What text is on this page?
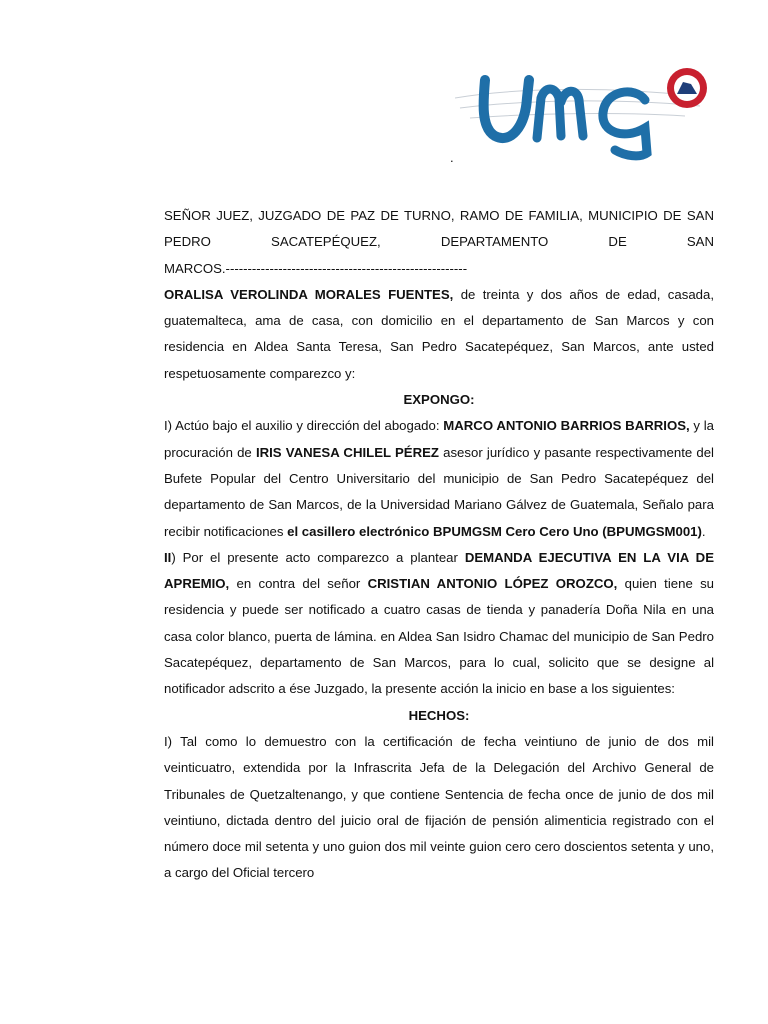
.

SEÑOR JUEZ, JUZGADO DE PAZ DE TURNO, RAMO DE FAMILIA, MUNICIPIO DE SAN

PEDRO SACATEPÉQUEZ, DEPARTAMENTO DE SAN

MARCOS.-------------------------------------------------------

ORALISA VEROLINDA MORALES FUENTES, de treinta y dos años de edad, casada, guatemalteca, ama de casa, con domicilio en el departamento de San Marcos y con residencia en Aldea Santa Teresa, San Pedro Sacatepéquez, San Marcos, ante usted respetuosamente comparezco y:

EXPONGO:

I) Actúo bajo el auxilio y dirección del abogado: MARCO ANTONIO BARRIOS BARRIOS, y la procuración de IRIS VANESA CHILEL PÉREZ asesor jurídico y pasante respectivamente del Bufete Popular del Centro Universitario del municipio de San Pedro Sacatepéquez del departamento de San Marcos, de la Universidad Mariano Gálvez de Guatemala, Señalo para recibir notificaciones el casillero electrónico BPUMGSM Cero Cero Uno (BPUMGSM001).

II) Por el presente acto comparezco a plantear DEMANDA EJECUTIVA EN LA VIA DE APREMIO, en contra del señor CRISTIAN ANTONIO LÓPEZ OROZCO, quien tiene su residencia y puede ser notificado a cuatro casas de tienda y panadería Doña Nila en una casa color blanco, puerta de lámina. en Aldea San Isidro Chamac del municipio de San Pedro Sacatepéquez, departamento de San Marcos, para lo cual, solicito que se designe al notificador adscrito a ése Juzgado, la presente acción la inicio en base a los siguientes:

HECHOS:

I) Tal como lo demuestro con la certificación de fecha veintiuno de junio de dos mil veinticuatro, extendida por la Infrascrita Jefa de la Delegación del Archivo General de Tribunales de Quetzaltenango, y que contiene Sentencia de fecha once de junio de dos mil veintiuno, dictada dentro del juicio oral de fijación de pensión alimenticia registrado con el número doce mil setenta y uno guion dos mil veinte guion cero cero doscientos setenta y uno, a cargo del Oficial tercero
